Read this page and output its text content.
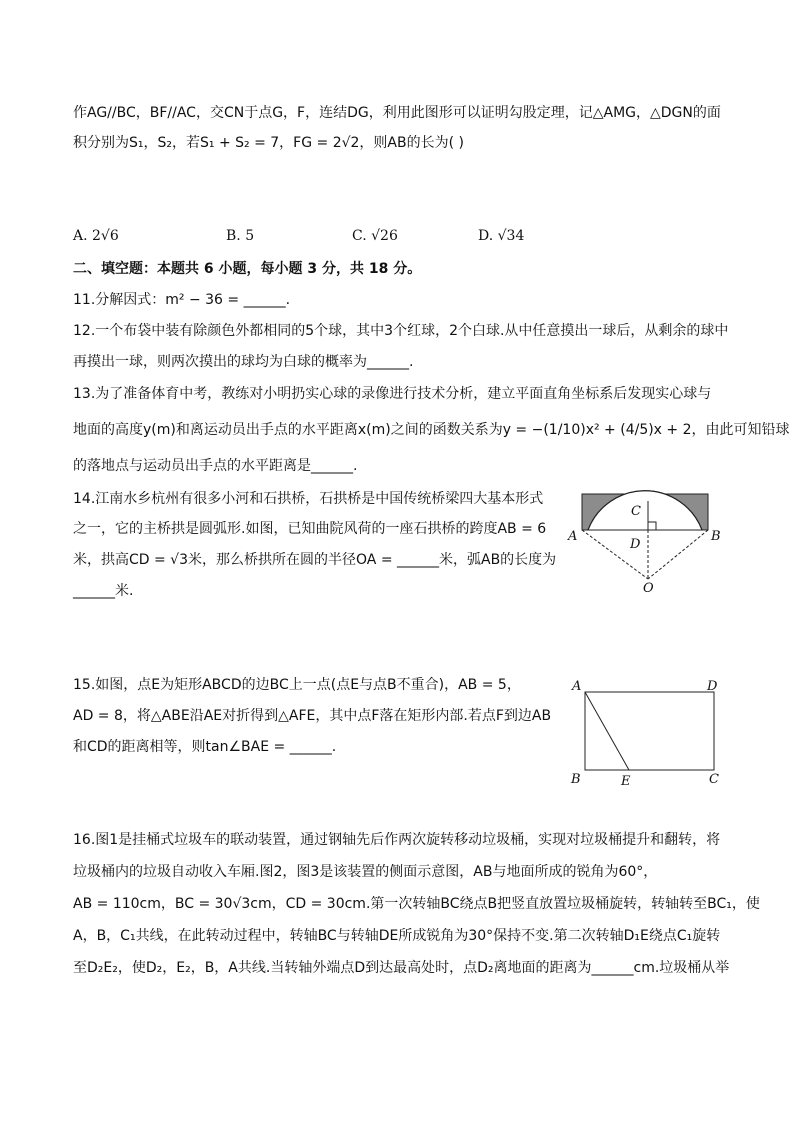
作AG//BC，BF//AC，交CN于点G，F，连结DG，利用此图形可以证明勾股定理，记△AMG，△DGN的面
积分别为S₁，S₂，若S₁ + S₂ = 7，FG = 2√2，则AB的长为( )
A. 2√6	B. 5	C. √26	D. √34
二、填空题：本题共 6 小题，每小题 3 分，共 18 分。
11.分解因式：m² − 36 = ______.
12.一个布袋中装有除颜色外都相同的5个球，其中3个红球，2个白球.从中任意摸出一球后，从剩余的球中
再摸出一球，则两次摸出的球均为白球的概率为______.
13.为了准备体育中考，教练对小明扔实心球的录像进行技术分析，建立平面直角坐标系后发现实心球与
地面的高度y(m)和离运动员出手点的水平距离x(m)之间的函数关系为y = −(1/10)x² + (4/5)x + 2，由此可知铅球
的落地点与运动员出手点的水平距离是______.
14.江南水乡杭州有很多小河和石拱桥，石拱桥是中国传统桥梁四大基本形式
之一，它的主桥拱是圆弧形.如图，已知曲院风荷的一座石拱桥的跨度AB = 6
米，拱高CD = √3米，那么桥拱所在圆的半径OA = ______米，弧AB的长度为
______米.
A	B
C
D
O
15.如图，点E为矩形ABCD的边BC上一点(点E与点B不重合)，AB = 5，
AD = 8，将△ABE沿AE对折得到△AFE，其中点F落在矩形内部.若点F到边AB
和CD的距离相等，则tan∠BAE = ______.
A	D
B	E	C
16.图1是挂桶式垃圾车的联动装置，通过钢轴先后作两次旋转移动垃圾桶，实现对垃圾桶提升和翻转，将
垃圾桶内的垃圾自动收入车厢.图2，图3是该装置的侧面示意图，AB与地面所成的锐角为60°，
AB = 110cm，BC = 30√3cm，CD = 30cm.第一次转轴BC绕点B把竖直放置垃圾桶旋转，转轴转至BC₁，使
A，B，C₁共线，在此转动过程中，转轴BC与转轴DE所成锐角为30°保持不变.第二次转轴D₁E绕点C₁旋转
至D₂E₂，使D₂，E₂，B，A共线.当转轴外端点D到达最高处时，点D₂离地面的距离为______cm.垃圾桶从举
